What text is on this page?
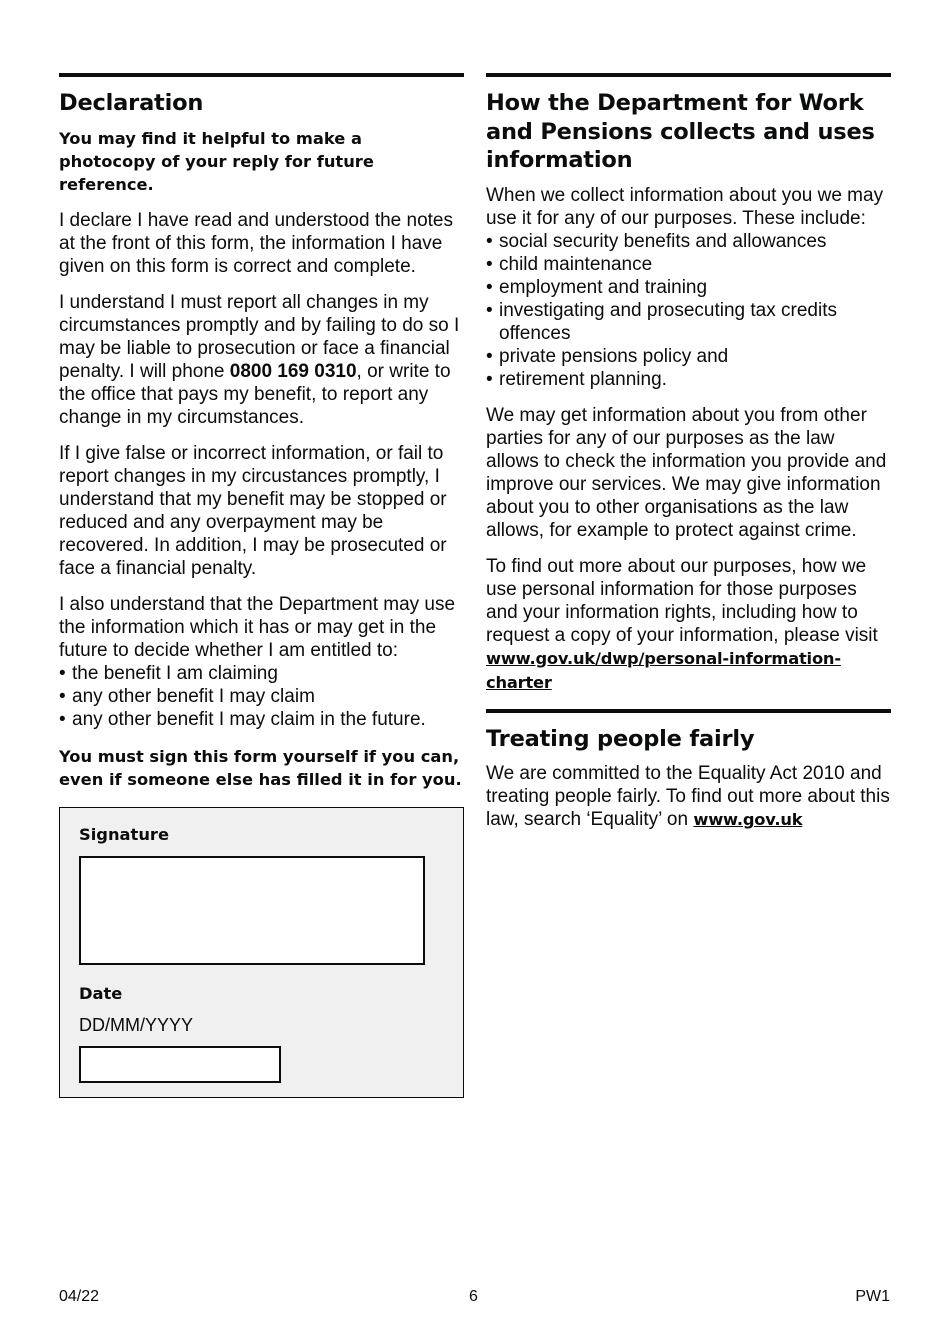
Declaration

You may find it helpful to make a photocopy of your reply for future reference.

I declare I have read and understood the notes at the front of this form, the information I have given on this form is correct and complete.

I understand I must report all changes in my circumstances promptly and by failing to do so I may be liable to prosecution or face a financial penalty. I will phone 0800 169 0310, or write to the office that pays my benefit, to report any change in my circumstances.

If I give false or incorrect information, or fail to report changes in my circustances promptly, I understand that my benefit may be stopped or reduced and any overpayment may be recovered. In addition, I may be prosecuted or face a financial penalty.

I also understand that the Department may use the information which it has or may get in the future to decide whether I am entitled to:

• the benefit I am claiming
• any other benefit I may claim
• any other benefit I may claim in the future.

You must sign this form yourself if you can, even if someone else has filled it in for you.

Signature
Date
DD/MM/YYYY
How the Department for Work and Pensions collects and uses information

When we collect information about you we may use it for any of our purposes. These include:

• social security benefits and allowances
• child maintenance
• employment and training
• investigating and prosecuting tax credits offences
• private pensions policy and
• retirement planning.

We may get information about you from other parties for any of our purposes as the law allows to check the information you provide and improve our services. We may give information about you to other organisations as the law allows, for example to protect against crime.

To find out more about our purposes, how we use personal information for those purposes and your information rights, including how to request a copy of your information, please visit

www.gov.uk/dwp/personal-information-charter
Treating people fairly

We are committed to the Equality Act 2010 and treating people fairly. To find out more about this law, search ‘Equality’ on www.gov.uk

04/22	6	PW1
